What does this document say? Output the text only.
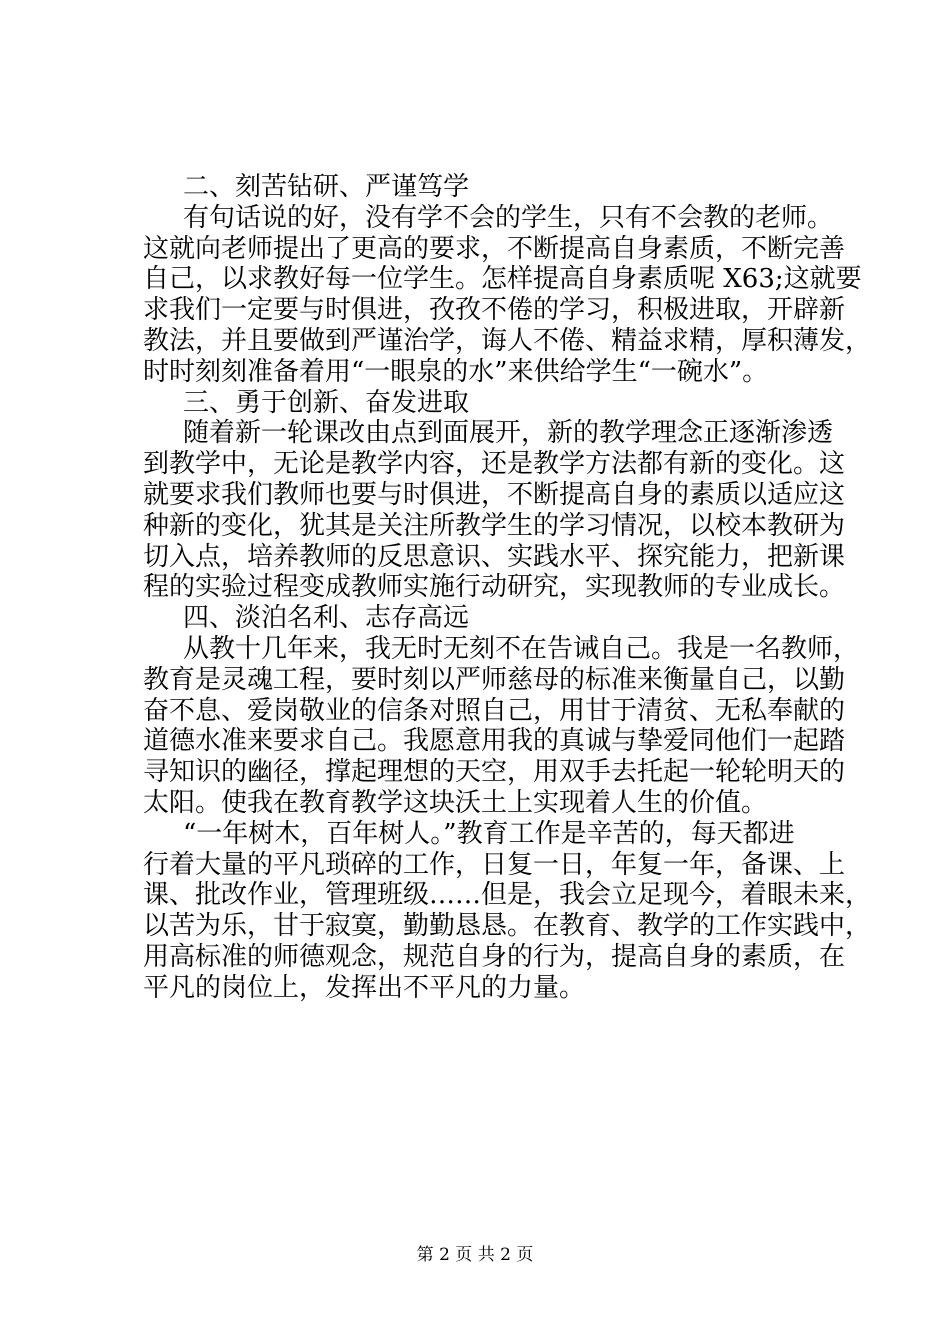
二、刻苦钻研、严谨笃学
有句话说的好，没有学不会的学生，只有不会教的老师。
这就向老师提出了更高的要求，不断提高自身素质，不断完善
自己，以求教好每一位学生。怎样提高自身素质呢 X63;这就要
求我们一定要与时俱进，孜孜不倦的学习，积极进取，开辟新
教法，并且要做到严谨治学，诲人不倦、精益求精，厚积薄发，
时时刻刻准备着用“一眼泉的水”来供给学生“一碗水”。
三、勇于创新、奋发进取
随着新一轮课改由点到面展开，新的教学理念正逐渐渗透
到教学中，无论是教学内容，还是教学方法都有新的变化。这
就要求我们教师也要与时俱进，不断提高自身的素质以适应这
种新的变化，犹其是关注所教学生的学习情况，以校本教研为
切入点，培养教师的反思意识、实践水平、探究能力，把新课
程的实验过程变成教师实施行动研究，实现教师的专业成长。
四、淡泊名利、志存高远
从教十几年来，我无时无刻不在告诫自己。我是一名教师，
教育是灵魂工程，要时刻以严师慈母的标准来衡量自己，以勤
奋不息、爱岗敬业的信条对照自己，用甘于清贫、无私奉献的
道德水准来要求自己。我愿意用我的真诚与挚爱同他们一起踏
寻知识的幽径，撑起理想的天空，用双手去托起一轮轮明天的
太阳。使我在教育教学这块沃土上实现着人生的价值。
“一年树木，百年树人。”教育工作是辛苦的，每天都进
行着大量的平凡琐碎的工作，日复一日，年复一年，备课、上
课、批改作业，管理班级……但是，我会立足现今，着眼未来，
以苦为乐，甘于寂寞，勤勤恳恳。在教育、教学的工作实践中，
用高标准的师德观念，规范自身的行为，提高自身的素质，在
平凡的岗位上，发挥出不平凡的力量。
第 2 页 共 2 页
